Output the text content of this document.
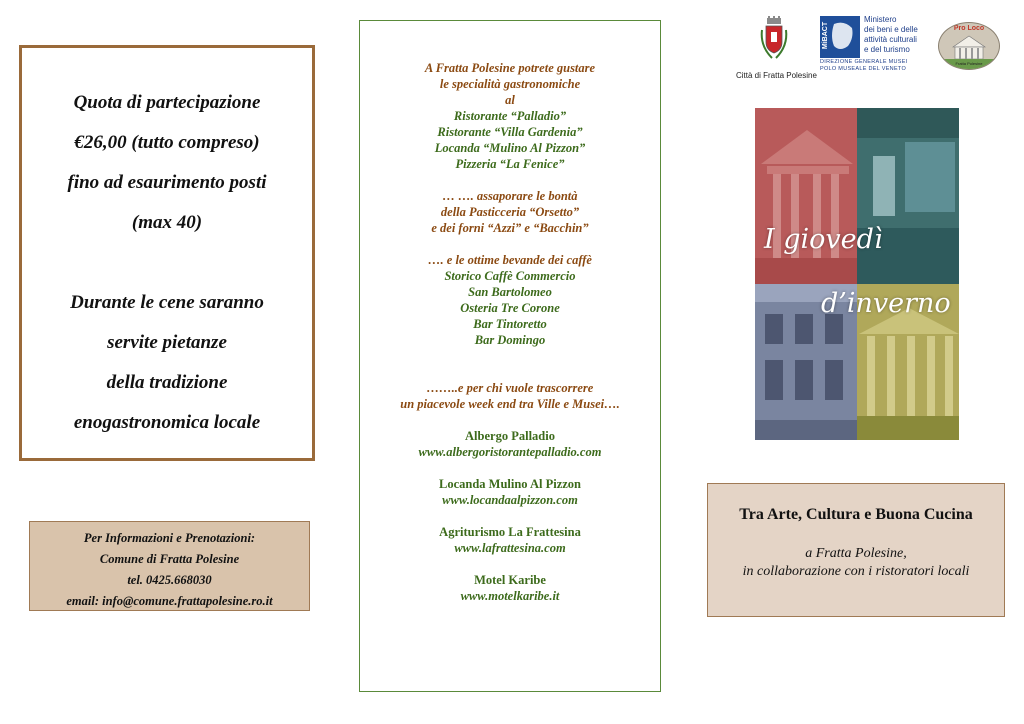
Quota di partecipazione

€26,00 (tutto compreso)

fino ad esaurimento posti

(max 40)

Durante le cene saranno

servite pietanze

della tradizione

enogastronomica locale

Per Informazioni e Prenotazioni:
Comune di Fratta Polesine
tel. 0425.668030
email: info@comune.frattapolesine.ro.it
A Fratta Polesine potrete gustare
le specialità gastronomiche
al
Ristorante “Palladio”
Ristorante “Villa Gardenia”
Locanda “Mulino Al Pizzon”
Pizzeria “La Fenice”
… …. assaporare le bontà
della Pasticceria “Orsetto”
e dei forni “Azzi” e “Bacchin”
…. e le ottime bevande dei caffè
Storico Caffè Commercio
San Bartolomeo
Osteria Tre Corone
Bar Tintoretto
Bar Domingo
……..e per chi vuole trascorrere
un piacevole week end tra Ville e Musei….
Albergo Palladio
www.albergoristorantepalladio.com
Locanda Mulino Al Pizzon
www.locandaalpizzon.com
Agriturismo La Frattesina
www.lafrattesina.com
Motel Karibe
www.motelkaribe.it
Città di Fratta Polesine
MiBACT
Ministero
dei beni e delle
attività culturali
e del turismo
DIREZIONE GENERALE MUSEI
POLO MUSEALE DEL VENETO
Pro Loco
Fratta Polesine
I giovedì
d’inverno
Tra Arte, Cultura e Buona Cucina
a Fratta Polesine,
in collaborazione con i ristoratori locali
